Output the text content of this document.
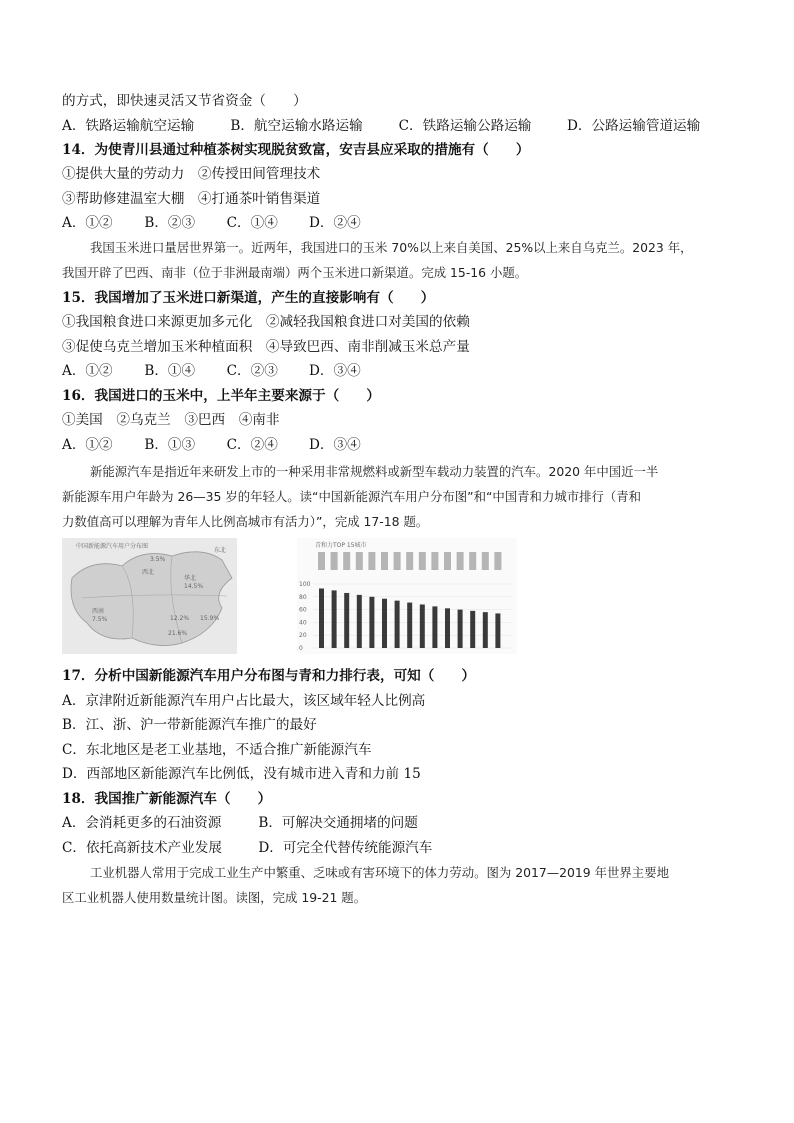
的方式，即快速灵活又节省资金（　　）
A．铁路运输航空运输	B．航空运输水路运输	C．铁路运输公路运输	D．公路运输管道运输
14．为使青川县通过种植茶树实现脱贫致富，安吉县应采取的措施有（　　）
①提供大量的劳动力　②传授田间管理技术
③帮助修建温室大棚　④打通茶叶销售渠道
A．①② B．②③ C．①④ D．②④
我国玉米进口量居世界第一。近两年，我国进口的玉米 70%以上来自美国、25%以上来自乌克兰。2023 年，
我国开辟了巴西、南非（位于非洲最南端）两个玉米进口新渠道。完成 15-16 小题。
15．我国增加了玉米进口新渠道，产生的直接影响有（　　）
①我国粮食进口来源更加多元化　②减轻我国粮食进口对美国的依赖
③促使乌克兰增加玉米种植面积　④导致巴西、南非削减玉米总产量
A．①② B．①④ C．②③ D．③④
16．我国进口的玉米中，上半年主要来源于（　　）
①美国　②乌克兰　③巴西　④南非
A．①② B．①③ C．②④ D．③④
新能源汽车是指近年来研发上市的一种采用非常规燃料或新型车载动力装置的汽车。2020 年中国近一半
新能源车用户年龄为 26—35 岁的年轻人。读“中国新能源汽车用户分布图”和“中国青和力城市排行（青和
力数值高可以理解为青年人比例高城市有活力）”，完成 17-18 题。
中国新能源汽车用户分布图
3.5%
东北
华北
14.5%
西北
西南
7.5%	12.2%
21.6%
15.9%
青和力TOP 15城市
100
80
60
40
20
0
17．分析中国新能源汽车用户分布图与青和力排行表，可知（　　）
A．京津附近新能源汽车用户占比最大，该区域年轻人比例高
B．江、浙、沪一带新能源汽车推广的最好
C．东北地区是老工业基地，不适合推广新能源汽车
D．西部地区新能源汽车比例低，没有城市进入青和力前 15
18．我国推广新能源汽车（　　）
A．会消耗更多的石油资源	B．可解决交通拥堵的问题
C．依托高新技术产业发展	D．可完全代替传统能源汽车
工业机器人常用于完成工业生产中繁重、乏味或有害环境下的体力劳动。图为 2017—2019 年世界主要地
区工业机器人使用数量统计图。读图，完成 19-21 题。
